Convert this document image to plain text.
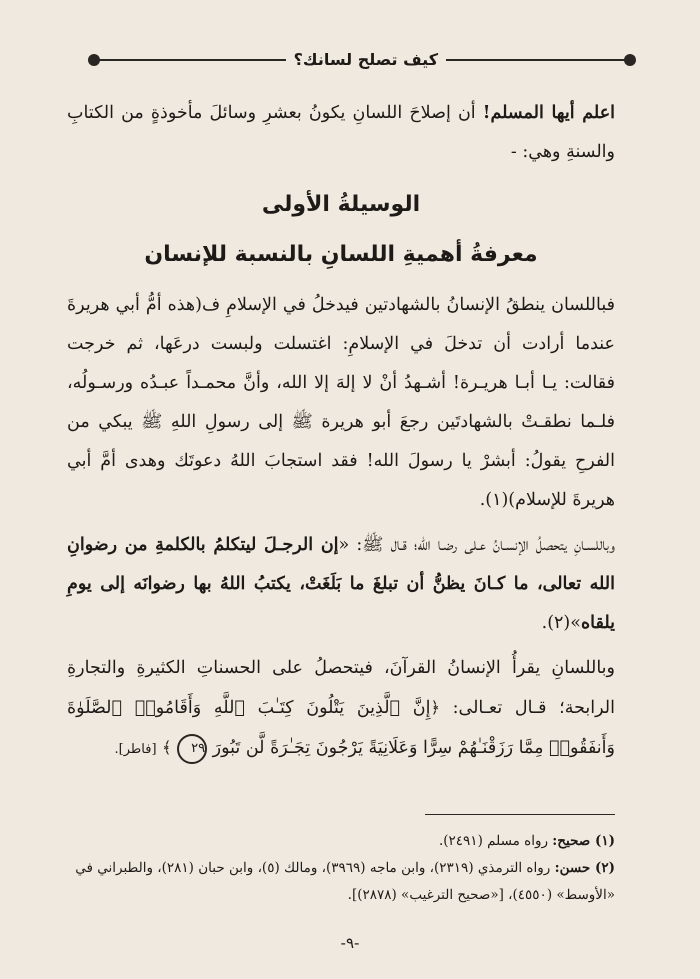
كيف تصلح لسانك؟

اعلم أيها المسلم! أن إصلاحَ اللسانِ يكونُ بعشرِ وسائلَ مأخوذةٍ من الكتابِ والسنةِ وهي: -

الوسيلةُ الأولى
معرفةُ أهميةِ اللسانِ بالنسبة للإنسان

فباللسان ينطقُ الإنسانُ بالشهادتين فيدخلُ في الإسلامِ ف(هذه أمُّ أبي هريرةَ عندما أرادت أن تدخلَ في الإسلامِ: اغتسلت ولبست درعَها، ثم خرجت فقالت: يـا أبـا هريـرة! أشـهدُ أنْ لا إلهَ إلا الله، وأنَّ محمـداً عبـدُه ورسـولُه، فلـما نطقـتْ بالشهادتَين رجعَ أبو هريرة ﷺ إلى رسولِ اللهِ ﷺ يبكي من الفرحِ يقولُ: أبشرْ يا رسولَ الله! فقد استجابَ اللهُ دعوتَك وهدى أمَّ أبي هريرةَ للإسلام)(١).

وباللسـانِ يتحصلُ الإنسـانُ عـلى رضـا الله؛ قـال ﷺ: «إن الرجـلَ ليتكلمُ بالكلمةِ من رضوانِ الله تعالى، ما كـانَ يظنُّ أن تبلغَ ما بَلَغَتْ، يكتبُ اللهُ بها رضوانَه إلى يومِ يلقاه»(٢).

وباللسانِ يقرأُ الإنسانُ القرآنَ، فيتحصلُ على الحسناتِ الكثيرةِ والتجارةِ الرابحة؛ قـال تعـالى: ﴿إِنَّ ٱلَّذِينَ يَتْلُونَ كِتَـٰبَ ٱللَّهِ وَأَقَامُوا۟ ٱلصَّلَوٰةَ وَأَنفَقُوا۟ مِمَّا رَزَقْنَـٰهُمْ سِرًّا وَعَلَانِيَةً يَرْجُونَ تِجَـٰرَةً لَّن تَبُورَ ٢٩ ﴾ [فاطر].

(١) صحيح: رواه مسلم (٢٤٩١).

(٢) حسن: رواه الترمذي (٢٣١٩)، وابن ماجه (٣٩٦٩)، ومالك (٥)، وابن حبان (٢٨١)، والطبراني في «الأوسط» (٤٥٥٠)، [«صحيح الترغيب» (٢٨٧٨)].

-٩-
